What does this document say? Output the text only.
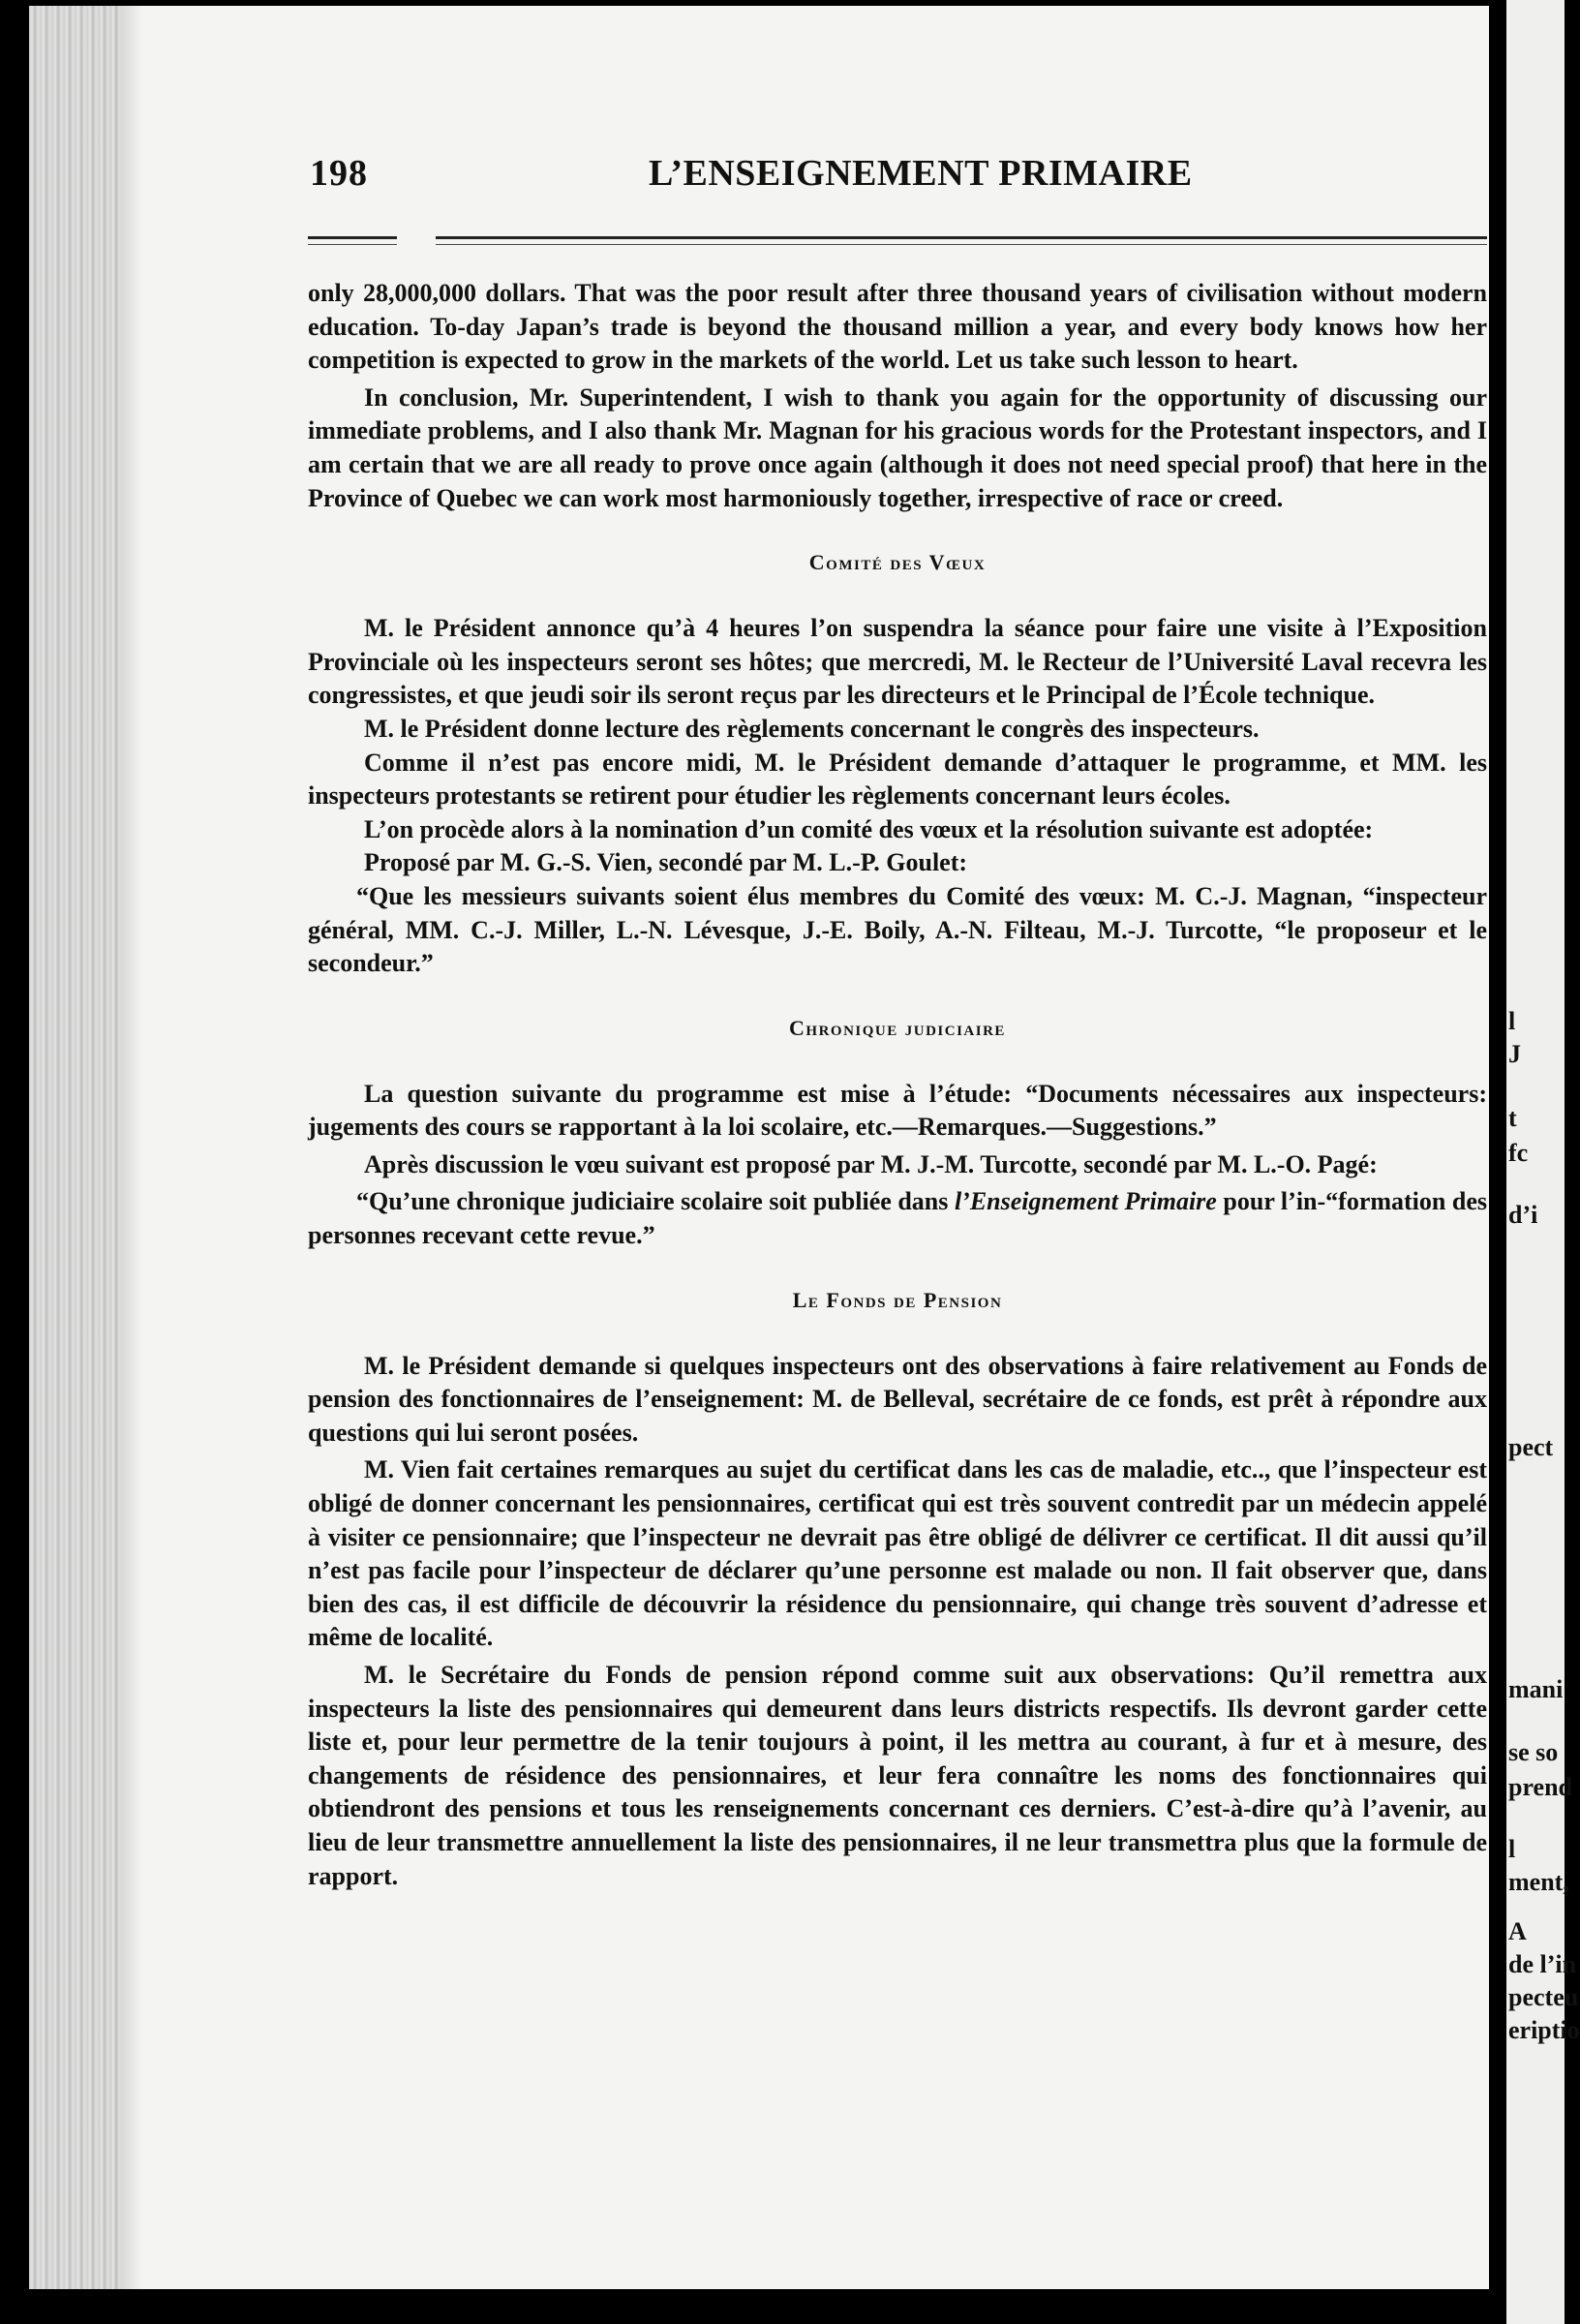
198	L’ENSEIGNEMENT PRIMAIRE

only 28,000,000 dollars. That was the poor result after three thousand years of civilisation without modern education. To-day Japan’s trade is beyond the thousand million a year, and every body knows how her competition is expected to grow in the markets of the world. Let us take such lesson to heart.

In conclusion, Mr. Superintendent, I wish to thank you again for the opportunity of discussing our immediate problems, and I also thank Mr. Magnan for his gracious words for the Protestant inspectors, and I am certain that we are all ready to prove once again (although it does not need special proof) that here in the Province of Quebec we can work most harmoniously together, irrespective of race or creed.

Comité des Vœux

M. le Président annonce qu’à 4 heures l’on suspendra la séance pour faire une visite à l’Exposition Provinciale où les inspecteurs seront ses hôtes; que mercredi, M. le Recteur de l’Université Laval recevra les congressistes, et que jeudi soir ils seront reçus par les directeurs et le Principal de l’École technique.

M. le Président donne lecture des règlements concernant le congrès des inspecteurs.

Comme il n’est pas encore midi, M. le Président demande d’attaquer le programme, et MM. les inspecteurs protestants se retirent pour étudier les règlements concernant leurs écoles.

L’on procède alors à la nomination d’un comité des vœux et la résolution suivante est adoptée:

Proposé par M. G.-S. Vien, secondé par M. L.-P. Goulet:

“Que les messieurs suivants soient élus membres du Comité des vœux: M. C.-J. Magnan, “inspecteur général, MM. C.-J. Miller, L.-N. Lévesque, J.-E. Boily, A.-N. Filteau, M.-J. Turcotte, “le proposeur et le secondeur.”

Chronique judiciaire

La question suivante du programme est mise à l’étude: “Documents nécessaires aux inspecteurs: jugements des cours se rapportant à la loi scolaire, etc.—Remarques.—Suggestions.”

Après discussion le vœu suivant est proposé par M. J.-M. Turcotte, secondé par M. L.-O. Pagé:

“Qu’une chronique judiciaire scolaire soit publiée dans l’Enseignement Primaire pour l’in-“formation des personnes recevant cette revue.”

Le Fonds de Pension

M. le Président demande si quelques inspecteurs ont des observations à faire relativement au Fonds de pension des fonctionnaires de l’enseignement: M. de Belleval, secrétaire de ce fonds, est prêt à répondre aux questions qui lui seront posées.

M. Vien fait certaines remarques au sujet du certificat dans les cas de maladie, etc.., que l’inspecteur est obligé de donner concernant les pensionnaires, certificat qui est très souvent contredit par un médecin appelé à visiter ce pensionnaire; que l’inspecteur ne devrait pas être obligé de délivrer ce certificat. Il dit aussi qu’il n’est pas facile pour l’inspecteur de déclarer qu’une personne est malade ou non. Il fait observer que, dans bien des cas, il est difficile de découvrir la résidence du pensionnaire, qui change très souvent d’adresse et même de localité.

M. le Secrétaire du Fonds de pension répond comme suit aux observations: Qu’il remettra aux inspecteurs la liste des pensionnaires qui demeurent dans leurs districts respectifs. Ils devront garder cette liste et, pour leur permettre de la tenir toujours à point, il les mettra au courant, à fur et à mesure, des changements de résidence des pensionnaires, et leur fera connaître les noms des fonctionnaires qui obtiendront des pensions et tous les renseignements concernant ces derniers. C’est-à-dire qu’à l’avenir, au lieu de leur transmettre annuellement la liste des pensionnaires, il ne leur transmettra plus que la formule de rapport.

l
J
t
fc
d’i
pect
mani
se so
prend
l
ment,
A
de l’in
pecteu
eriptio
